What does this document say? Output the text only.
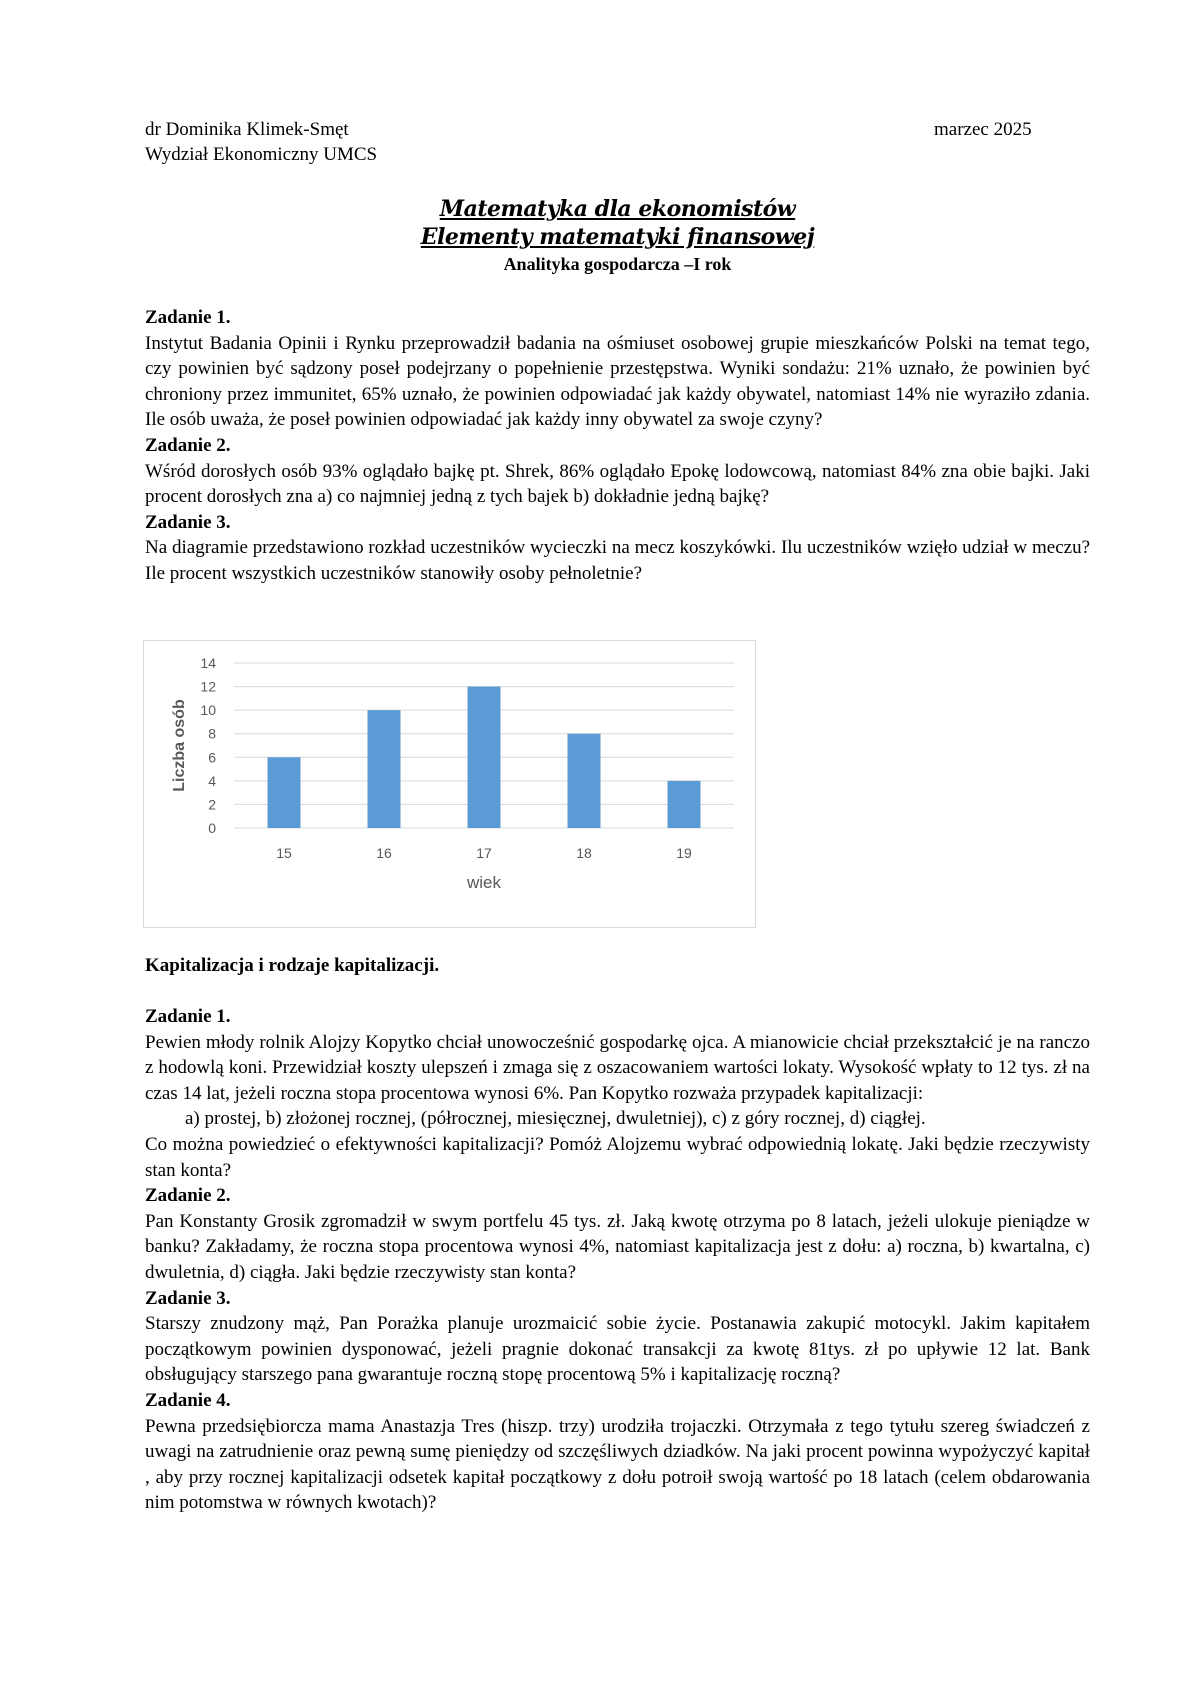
dr Dominika Klimek-Smęt
Wydział Ekonomiczny UMCS
marzec 2025
Matematyka dla ekonomistów
Elementy matematyki finansowej
Analityka gospodarcza –I rok

Zadanie 1.

Instytut Badania Opinii i Rynku przeprowadził badania na ośmiuset osobowej grupie mieszkańców Polski na temat tego, czy powinien być sądzony poseł podejrzany o popełnienie przestępstwa. Wyniki sondażu: 21% uznało, że powinien być chroniony przez immunitet, 65% uznało, że powinien odpowiadać jak każdy obywatel, natomiast 14% nie wyraziło zdania. Ile osób uważa, że poseł powinien odpowiadać jak każdy inny obywatel za swoje czyny?

Zadanie 2.

Wśród dorosłych osób 93% oglądało bajkę pt. Shrek, 86% oglądało Epokę lodowcową, natomiast 84% zna obie bajki. Jaki procent dorosłych zna a) co najmniej jedną z tych bajek b) dokładnie jedną bajkę?

Zadanie 3.

Na diagramie przedstawiono rozkład uczestników wycieczki na mecz koszykówki. Ilu uczestników wzięło udział w meczu? Ile procent wszystkich uczestników stanowiły osoby pełnoletnie?

0
2
4
6
8
10
12
14
15	16	17	18	19
wiek
Liczba osób
Kapitalizacja i rodzaje kapitalizacji.

Zadanie 1.

Pewien młody rolnik Alojzy Kopytko chciał unowocześnić gospodarkę ojca. A mianowicie chciał przekształcić je na ranczo z hodowlą koni. Przewidział koszty ulepszeń i zmaga się z oszacowaniem wartości lokaty. Wysokość wpłaty to 12 tys. zł na czas 14 lat, jeżeli roczna stopa procentowa wynosi 6%. Pan Kopytko rozważa przypadek kapitalizacji:

a) prostej, b) złożonej rocznej, (półrocznej, miesięcznej, dwuletniej), c) z góry rocznej, d) ciągłej.

Co można powiedzieć o efektywności kapitalizacji? Pomóż Alojzemu wybrać odpowiednią lokatę. Jaki będzie rzeczywisty stan konta?

Zadanie 2.

Pan Konstanty Grosik zgromadził w swym portfelu 45 tys. zł. Jaką kwotę otrzyma po 8 latach, jeżeli ulokuje pieniądze w banku? Zakładamy, że roczna stopa procentowa wynosi 4%, natomiast kapitalizacja jest z dołu: a) roczna, b) kwartalna, c) dwuletnia, d) ciągła. Jaki będzie rzeczywisty stan konta?

Zadanie 3.

Starszy znudzony mąż, Pan Porażka planuje urozmaicić sobie życie. Postanawia zakupić motocykl. Jakim kapitałem początkowym powinien dysponować, jeżeli pragnie dokonać transakcji za kwotę 81tys. zł po upływie 12 lat. Bank obsługujący starszego pana gwarantuje roczną stopę procentową 5% i kapitalizację roczną?

Zadanie 4.

Pewna przedsiębiorcza mama Anastazja Tres (hiszp. trzy) urodziła trojaczki. Otrzymała z tego tytułu szereg świadczeń z uwagi na zatrudnienie oraz pewną sumę pieniędzy od szczęśliwych dziadków. Na jaki procent powinna wypożyczyć kapitał , aby przy rocznej kapitalizacji odsetek kapitał początkowy z dołu potroił swoją wartość po 18 latach (celem obdarowania nim potomstwa w równych kwotach)?
